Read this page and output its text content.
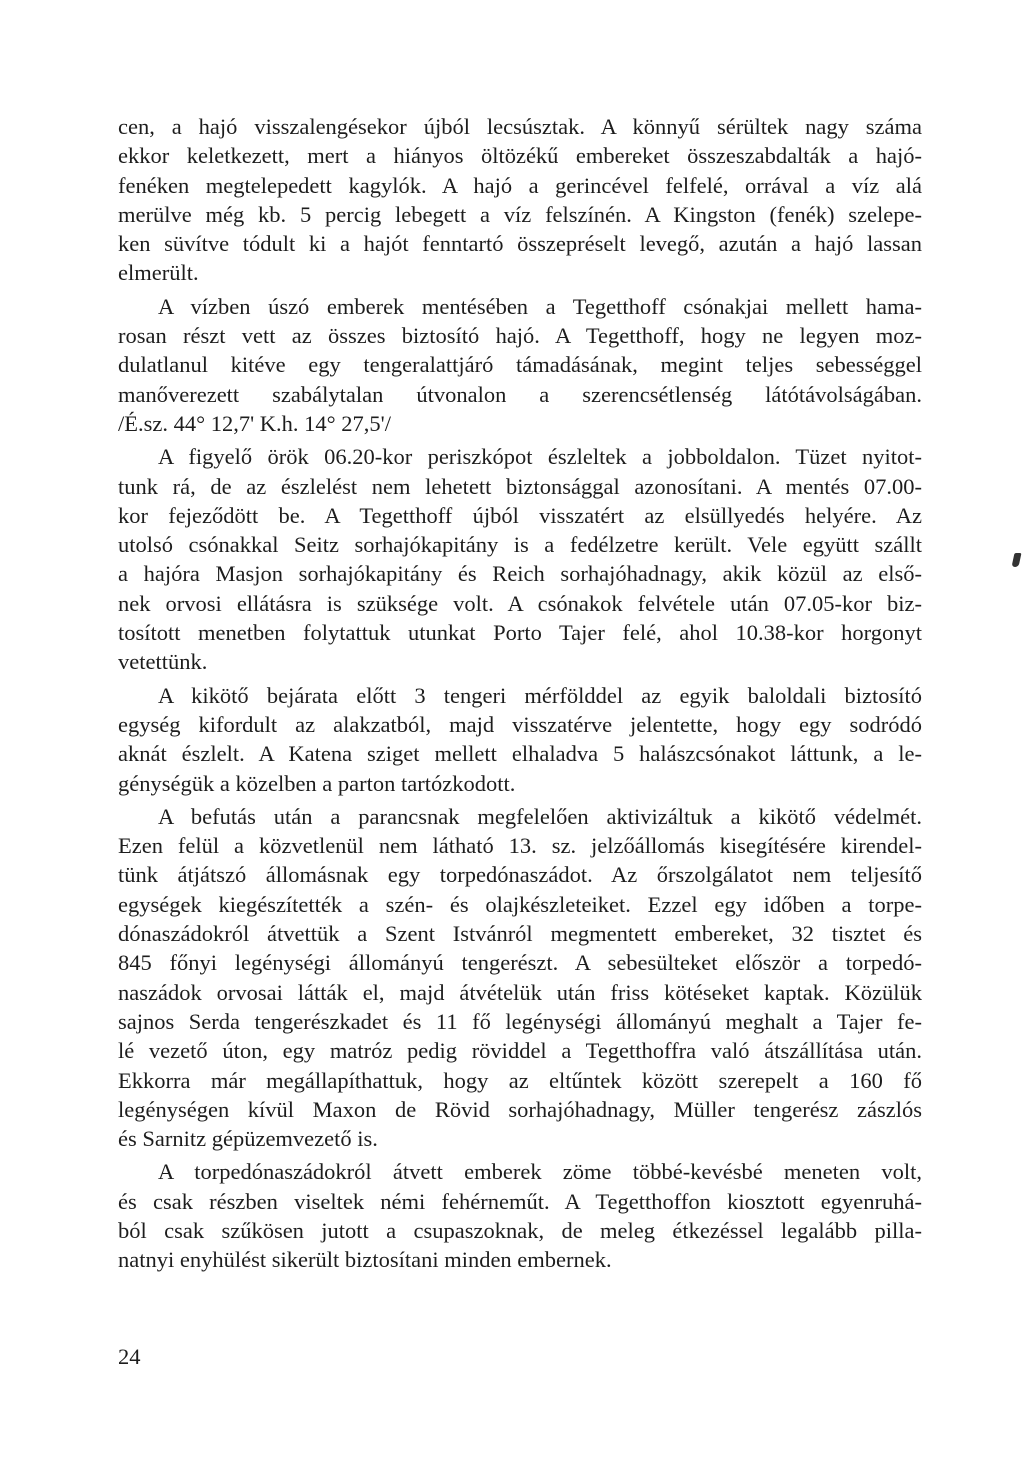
cen, a hajó visszalengésekor újból lecsúsztak. A könnyű sérültek nagy száma
ekkor keletkezett, mert a hiányos öltözékű embereket összeszabdalták a hajó-
fenéken megtelepedett kagylók. A hajó a gerincével felfelé, orrával a víz alá
merülve még kb. 5 percig lebegett a víz felszínén. A Kingston (fenék) szelepe-
ken süvítve tódult ki a hajót fenntartó összepréselt levegő, azután a hajó lassan
elmerült.
A vízben úszó emberek mentésében a Tegetthoff csónakjai mellett hama-
rosan részt vett az összes biztosító hajó. A Tegetthoff, hogy ne legyen moz-
dulatlanul kitéve egy tengeralattjáró támadásának, megint teljes sebességgel
manőverezett szabálytalan útvonalon a szerencsétlenség látótávolságában.
/É.sz. 44° 12,7' K.h. 14° 27,5'/
A figyelő örök 06.20-kor periszkópot észleltek a jobboldalon. Tüzet nyitot-
tunk rá, de az észlelést nem lehetett biztonsággal azonosítani. A mentés 07.00-
kor fejeződött be. A Tegetthoff újból visszatért az elsüllyedés helyére. Az
utolsó csónakkal Seitz sorhajókapitány is a fedélzetre került. Vele együtt szállt
a hajóra Masjon sorhajókapitány és Reich sorhajóhadnagy, akik közül az első-
nek orvosi ellátásra is szüksége volt. A csónakok felvétele után 07.05-kor biz-
tosított menetben folytattuk utunkat Porto Tajer felé, ahol 10.38-kor horgonyt
vetettünk.
A kikötő bejárata előtt 3 tengeri mérfölddel az egyik baloldali biztosító
egység kifordult az alakzatból, majd visszatérve jelentette, hogy egy sodródó
aknát észlelt. A Katena sziget mellett elhaladva 5 halászcsónakot láttunk, a le-
génységük a közelben a parton tartózkodott.
A befutás után a parancsnak megfelelően aktivizáltuk a kikötő védelmét.
Ezen felül a közvetlenül nem látható 13. sz. jelzőállomás kisegítésére kirendel-
tünk átjátszó állomásnak egy torpedónaszádot. Az őrszolgálatot nem teljesítő
egységek kiegészítették a szén- és olajkészleteiket. Ezzel egy időben a torpe-
dónaszádokról átvettük a Szent Istvánról megmentett embereket, 32 tisztet és
845 főnyi legénységi állományú tengerészt. A sebesülteket először a torpedó-
naszádok orvosai látták el, majd átvételük után friss kötéseket kaptak. Közülük
sajnos Serda tengerészkadet és 11 fő legénységi állományú meghalt a Tajer fe-
lé vezető úton, egy matróz pedig röviddel a Tegetthoffra való átszállítása után.
Ekkorra már megállapíthattuk, hogy az eltűntek között szerepelt a 160 fő
legénységen kívül Maxon de Rövid sorhajóhadnagy, Müller tengerész zászlós
és Sarnitz gépüzemvezető is.
A torpedónaszádokról átvett emberek zöme többé-kevésbé meneten volt,
és csak részben viseltek némi fehérneműt. A Tegetthoffon kiosztott egyenruhá-
ból csak szűkösen jutott a csupaszoknak, de meleg étkezéssel legalább pilla-
natnyi enyhülést sikerült biztosítani minden embernek.
24
